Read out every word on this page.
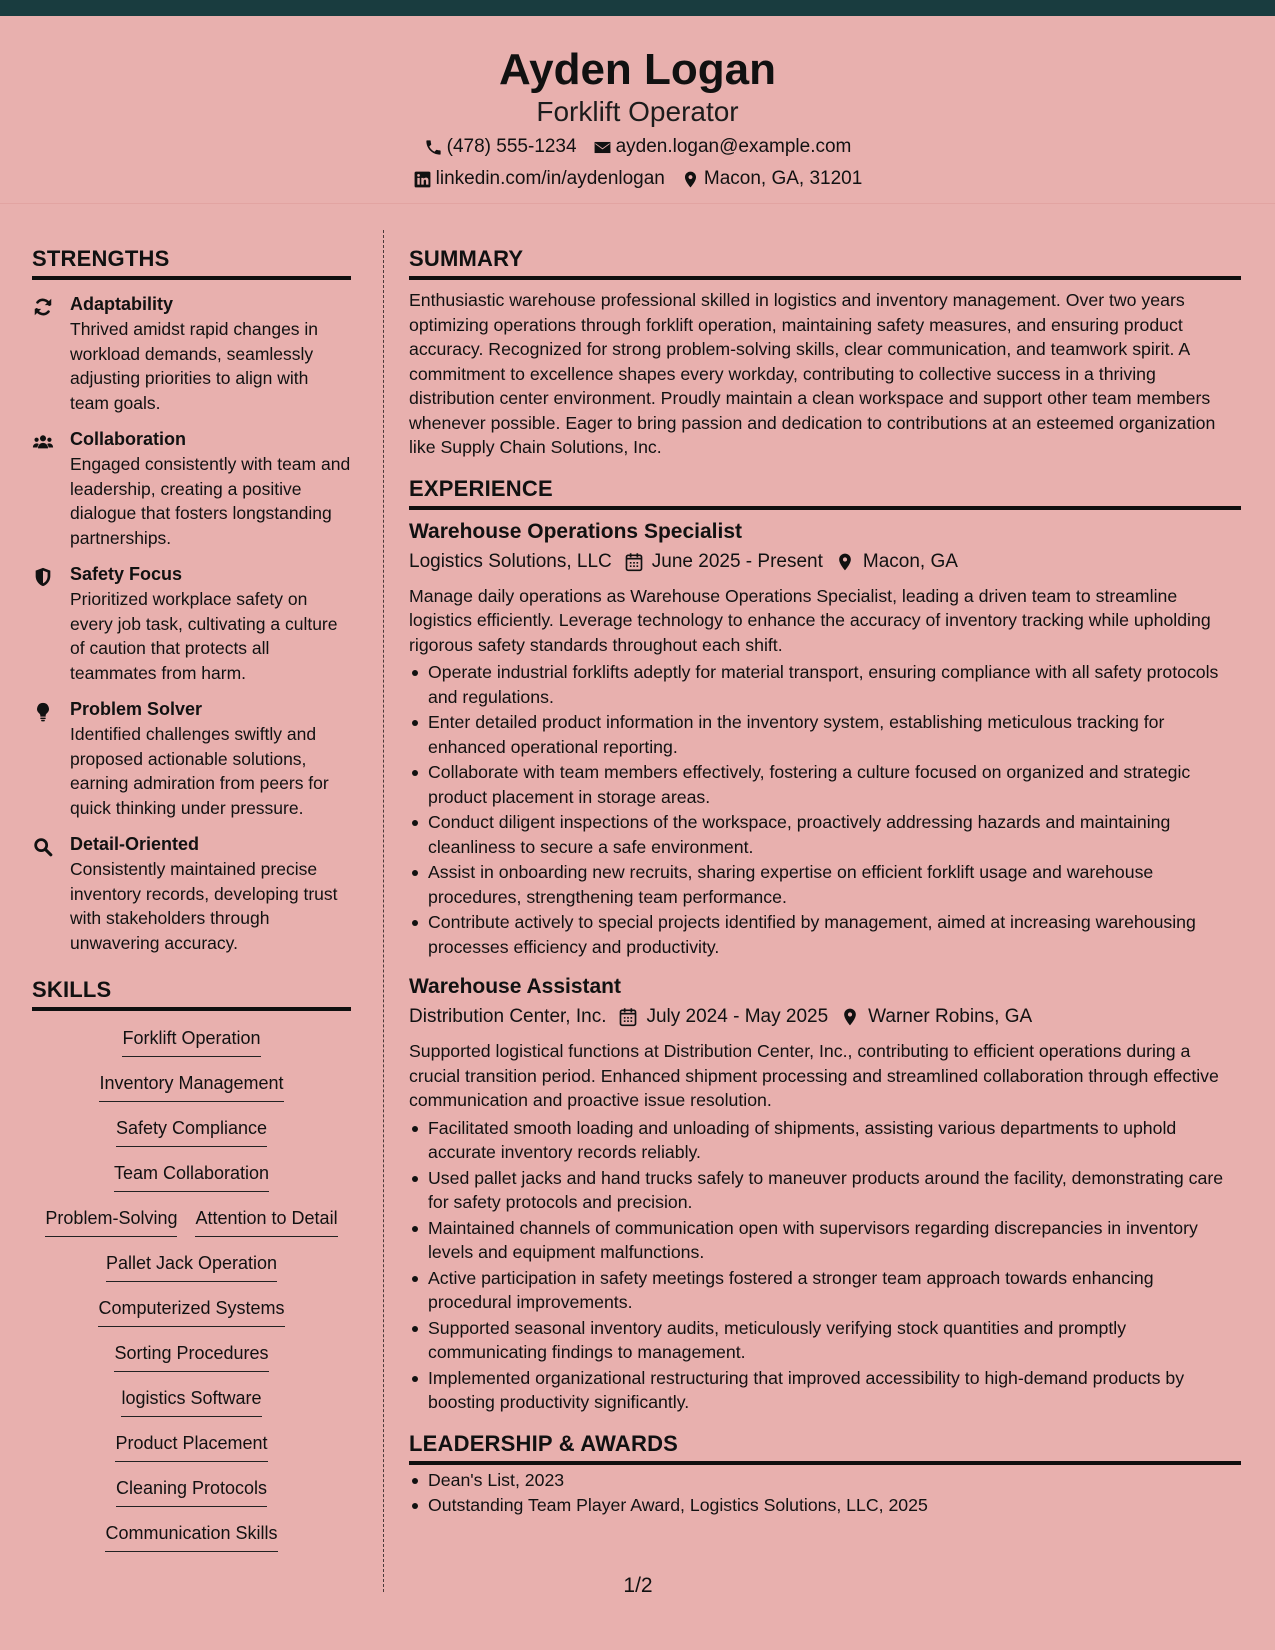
Ayden Logan
Forklift Operator
(478) 555-1234 ayden.logan@example.com
linkedin.com/in/aydenlogan Macon, GA, 31201
STRENGTHS
Adaptability
Thrived amidst rapid changes in workload demands, seamlessly adjusting priorities to align with team goals.
Collaboration
Engaged consistently with team and leadership, creating a positive dialogue that fosters longstanding partnerships.
Safety Focus
Prioritized workplace safety on every job task, cultivating a culture of caution that protects all teammates from harm.
Problem Solver
Identified challenges swiftly and proposed actionable solutions, earning admiration from peers for quick thinking under pressure.
Detail-Oriented
Consistently maintained precise inventory records, developing trust with stakeholders through unwavering accuracy.
SKILLS
Forklift Operation
Inventory Management
Safety Compliance
Team Collaboration
Problem-Solving Attention to Detail
Pallet Jack Operation
Computerized Systems
Sorting Procedures
logistics Software
Product Placement
Cleaning Protocols
Communication Skills
SUMMARY

Enthusiastic warehouse professional skilled in logistics and inventory management. Over two years optimizing operations through forklift operation, maintaining safety measures, and ensuring product accuracy. Recognized for strong problem-solving skills, clear communication, and teamwork spirit. A commitment to excellence shapes every workday, contributing to collective success in a thriving distribution center environment. Proudly maintain a clean workspace and support other team members whenever possible. Eager to bring passion and dedication to contributions at an esteemed organization like Supply Chain Solutions, Inc.

EXPERIENCE
Warehouse Operations Specialist
Logistics Solutions, LLC June 2025 - Present Macon, GA

Manage daily operations as Warehouse Operations Specialist, leading a driven team to streamline logistics efficiently. Leverage technology to enhance the accuracy of inventory tracking while upholding rigorous safety standards throughout each shift.

Operate industrial forklifts adeptly for material transport, ensuring compliance with all safety protocols and regulations.
Enter detailed product information in the inventory system, establishing meticulous tracking for enhanced operational reporting.
Collaborate with team members effectively, fostering a culture focused on organized and strategic product placement in storage areas.
Conduct diligent inspections of the workspace, proactively addressing hazards and maintaining cleanliness to secure a safe environment.
Assist in onboarding new recruits, sharing expertise on efficient forklift usage and warehouse procedures, strengthening team performance.
Contribute actively to special projects identified by management, aimed at increasing warehousing processes efficiency and productivity.
Warehouse Assistant
Distribution Center, Inc. July 2024 - May 2025 Warner Robins, GA

Supported logistical functions at Distribution Center, Inc., contributing to efficient operations during a crucial transition period. Enhanced shipment processing and streamlined collaboration through effective communication and proactive issue resolution.

Facilitated smooth loading and unloading of shipments, assisting various departments to uphold accurate inventory records reliably.
Used pallet jacks and hand trucks safely to maneuver products around the facility, demonstrating care for safety protocols and precision.
Maintained channels of communication open with supervisors regarding discrepancies in inventory levels and equipment malfunctions.
Active participation in safety meetings fostered a stronger team approach towards enhancing procedural improvements.
Supported seasonal inventory audits, meticulously verifying stock quantities and promptly communicating findings to management.
Implemented organizational restructuring that improved accessibility to high-demand products by boosting productivity significantly.
LEADERSHIP & AWARDS
Dean's List, 2023
Outstanding Team Player Award, Logistics Solutions, LLC, 2025
1/2
